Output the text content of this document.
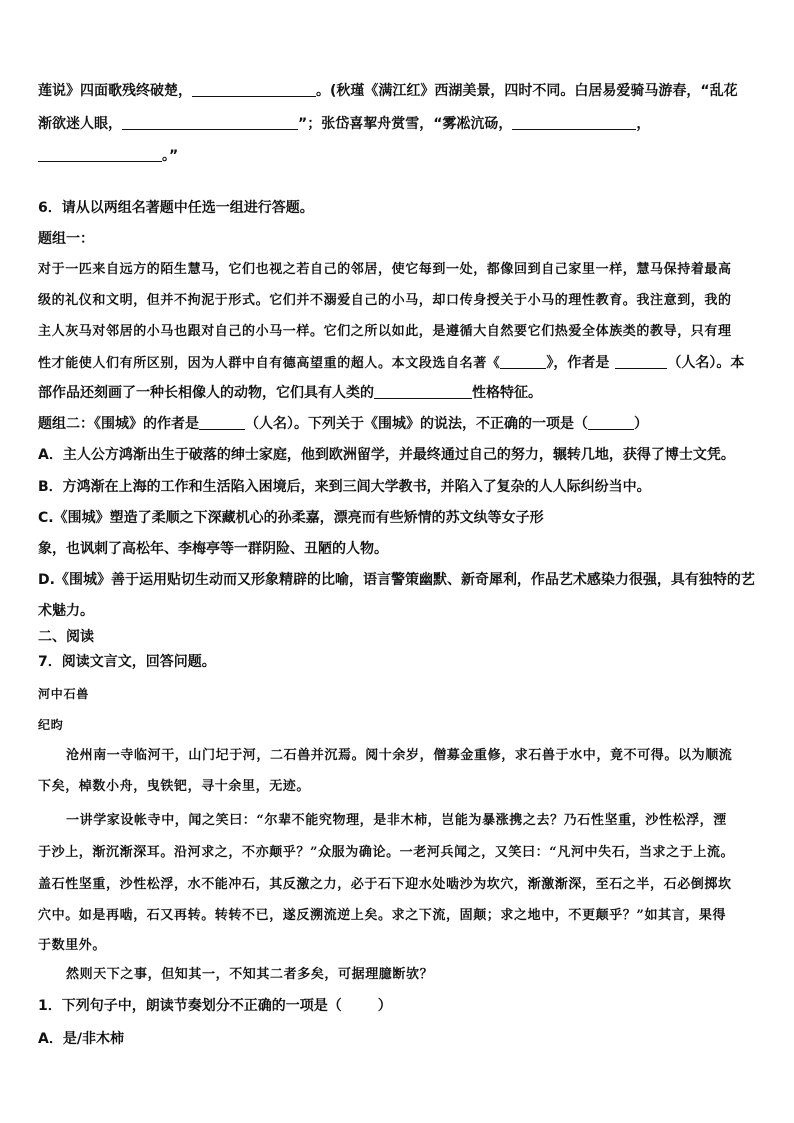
莲说》四面歌残终破楚，	。(秋瑾《满江红》西湖美景，四时不同。白居易爱骑马游春，“乱花
渐欲迷人眼，	”；张岱喜挈舟赏雪，“雾凇沆砀，	，
。”
6．请从以两组名著题中任选一组进行答题。
题组一：
对于一匹来自远方的陌生慧马，它们也视之若自己的邻居，使它每到一处，都像回到自己家里一样，慧马保持着最高
级的礼仪和文明，但并不拘泥于形式。它们并不溺爱自己的小马，却口传身授关于小马的理性教育。我注意到，我的
主人灰马对邻居的小马也跟对自己的小马一样。它们之所以如此，是遵循大自然要它们热爱全体族类的教导，只有理
性才能使人们有所区别，因为人群中自有德高望重的超人。本文段选自名著《	》，作者是	（人名）。本
部作品还刻画了一种长相像人的动物，它们具有人类的	性格特征。
题组二：《围城》的作者是	（人名）。下列关于《围城》的说法，不正确的一项是（	）
A．主人公方鸿渐出生于破落的绅士家庭，他到欧洲留学，并最终通过自己的努力，辗转几地，获得了博士文凭。
B．方鸿渐在上海的工作和生活陷入困境后，来到三闾大学教书，并陷入了复杂的人人际纠纷当中。
C.《围城》塑造了柔顺之下深藏机心的孙柔嘉，漂亮而有些矫情的苏文纨等女子形
象，也讽刺了高松年、李梅亭等一群阴险、丑陋的人物。
D.《围城》善于运用贴切生动而又形象精辟的比喻，语言警策幽默、新奇犀利，作品艺术感染力很强，具有独特的艺
术魅力。
二、阅读
7．阅读文言文，回答问题。
河中石兽
纪昀
沧州南一寺临河干，山门圮于河，二石兽并沉焉。阅十余岁，僧募金重修，求石兽于水中，竟不可得。以为顺流
下矣，棹数小舟，曳铁钯，寻十余里，无迹。
一讲学家设帐寺中，闻之笑曰：“尔辈不能究物理，是非木柿，岂能为暴涨携之去？乃石性坚重，沙性松浮，湮
于沙上，渐沉渐深耳。沿河求之，不亦颠乎？”众服为确论。一老河兵闻之，又笑曰：“凡河中失石，当求之于上流。
盖石性坚重，沙性松浮，水不能冲石，其反激之力，必于石下迎水处啮沙为坎穴，渐激渐深，至石之半，石必倒掷坎
穴中。如是再啮，石又再转。转转不已，遂反溯流逆上矣。求之下流，固颠；求之地中，不更颠乎？”如其言，果得
于数里外。
然则天下之事，但知其一，不知其二者多矣，可据理臆断欤？
1．下列句子中，朗读节奏划分不正确的一项是（	）
A．是/非木柿
